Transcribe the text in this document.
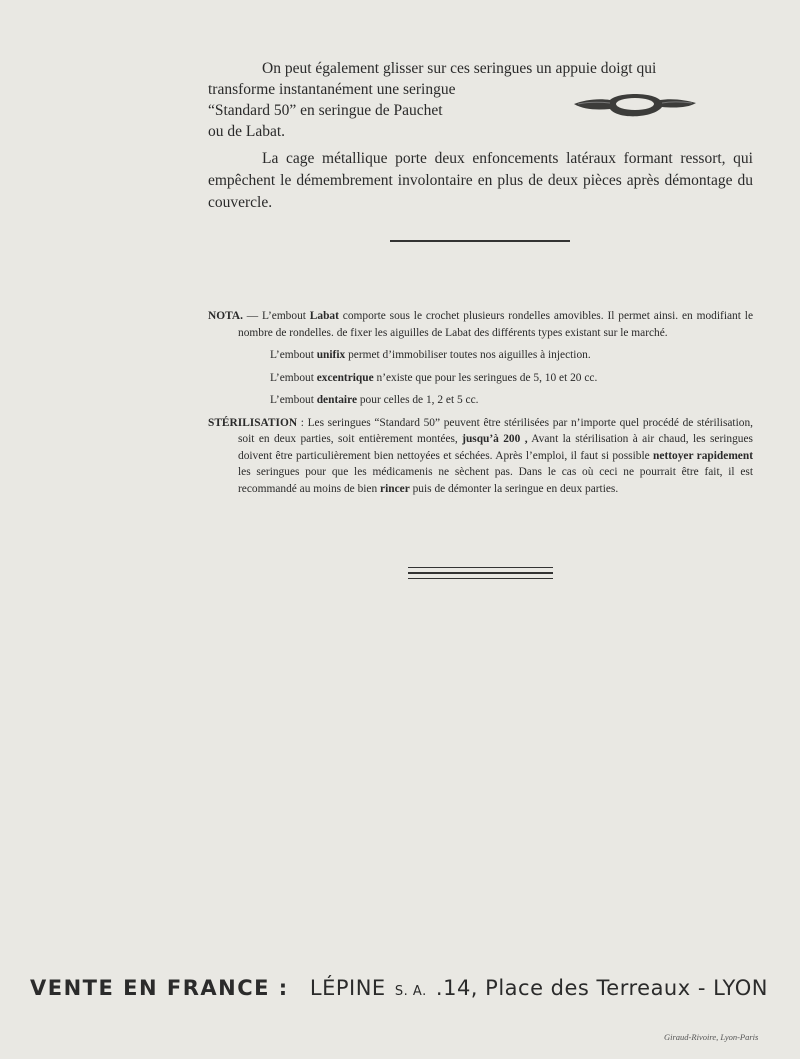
On peut également glisser sur ces seringues un appuie doigt qui

transforme instantanément une seringue

“Standard 50” en seringue de Pauchet

ou de Labat.

La cage métallique porte deux enfoncements latéraux formant ressort, qui empêchent le démembrement involontaire en plus de deux pièces après démontage du couvercle.

NOTA. — L’embout Labat comporte sous le crochet plusieurs rondelles amovibles. Il permet ainsi. en modifiant le nombre de rondelles. de fixer les aiguilles de Labat des différents types existant sur le marché.

L’embout unifix permet d’immobiliser toutes nos aiguilles à injection.

L’embout excentrique n’existe que pour les seringues de 5, 10 et 20 cc.

L’embout dentaire pour celles de 1, 2 et 5 cc.

STÉRILISATION : Les seringues “Standard 50” peuvent être stérilisées par n’importe quel procédé de stérilisation, soit en deux parties, soit entièrement montées, jusqu’à 200 , Avant la stérilisation à air chaud, les seringues doivent être particulièrement bien nettoyées et séchées. Après l’emploi, il faut si possible nettoyer rapidement les seringues pour que les médicamenis ne sèchent pas. Dans le cas où ceci ne pourrait être fait, il est recommandé au moins de bien rincer puis de démonter la seringue en deux parties.

VENTE EN FRANCE : LÉPINE S. A. .14, Place des Terreaux - LYON
Giraud-Rivoire, Lyon-Paris
